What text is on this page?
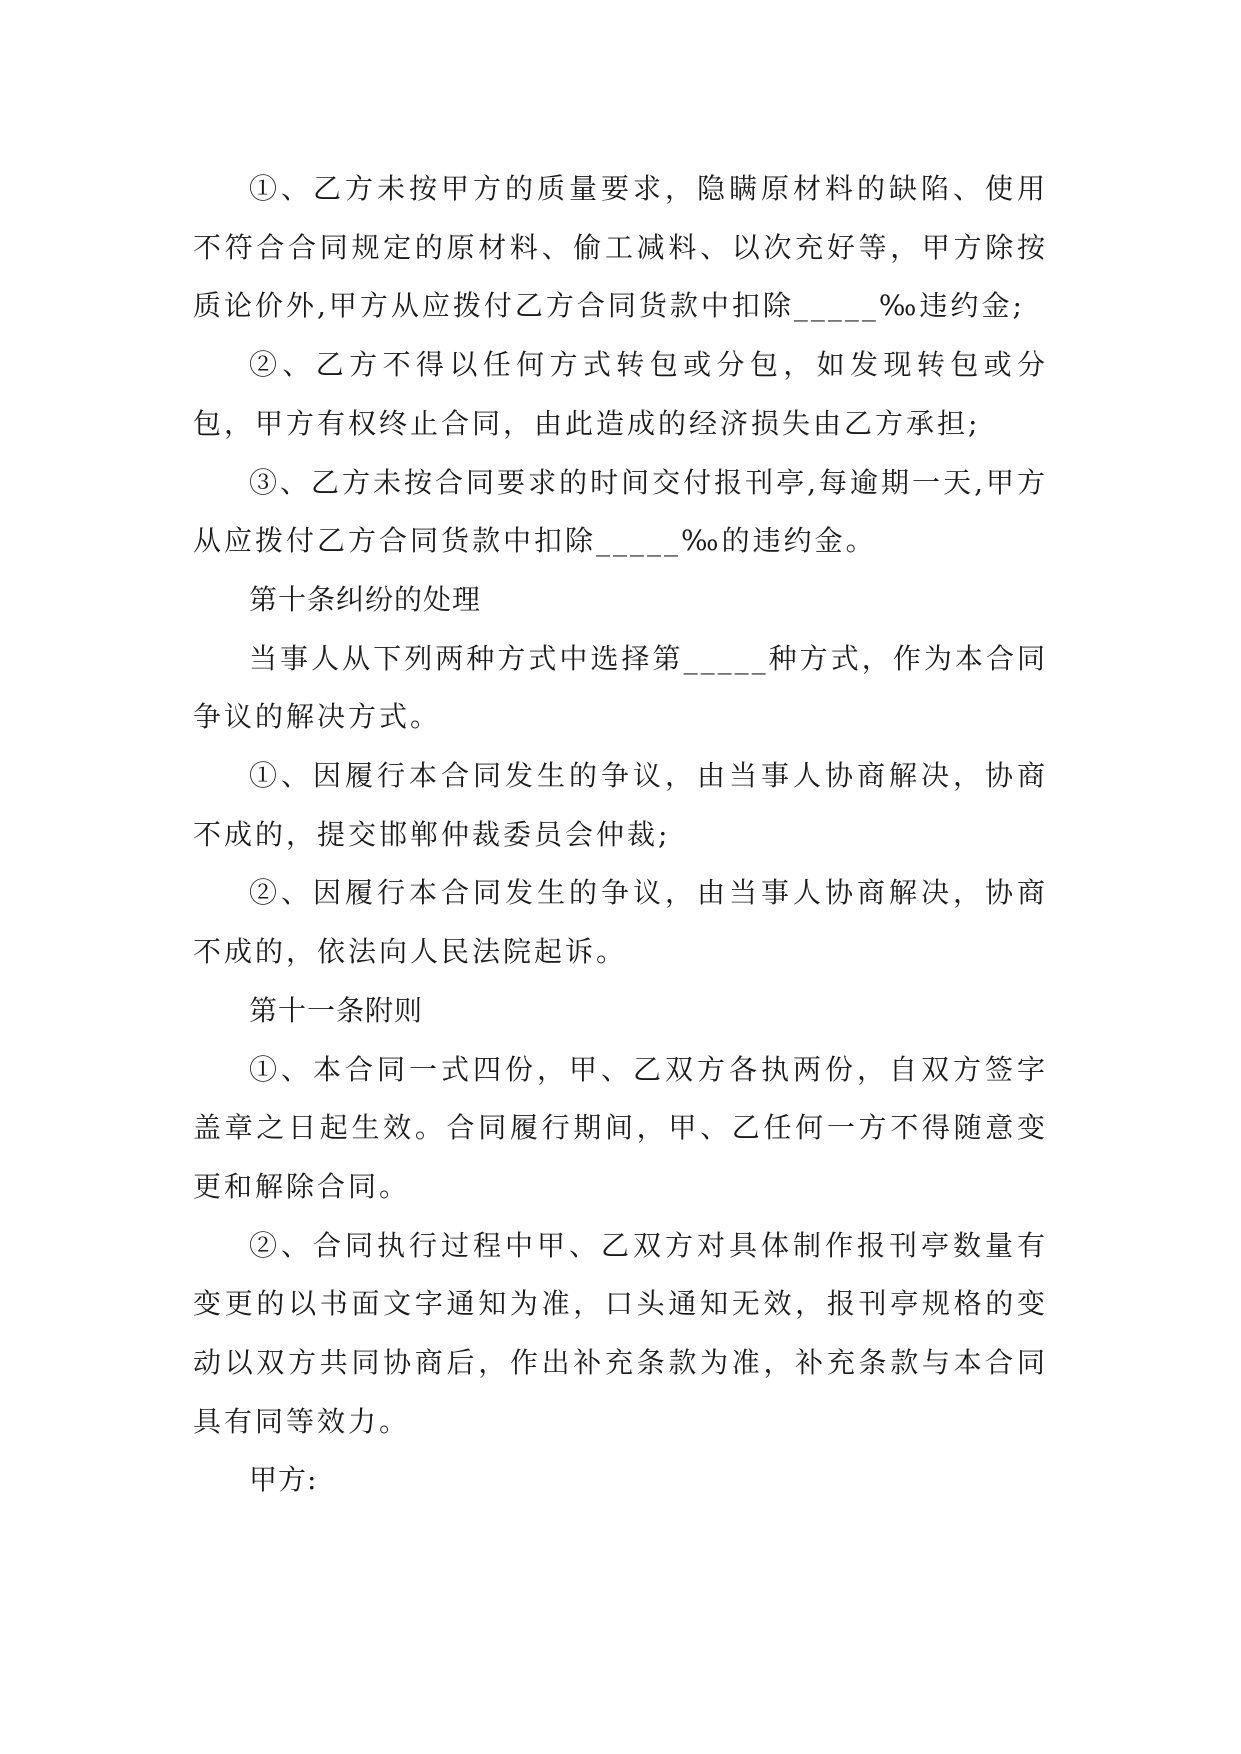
①、乙方未按甲方的质量要求，隐瞒原材料的缺陷、使用不符合合同规定的原材料、偷工减料、以次充好等，甲方除按质论价外,甲方从应拨付乙方合同货款中扣除_____‰违约金;

②、乙方不得以任何方式转包或分包，如发现转包或分包，甲方有权终止合同，由此造成的经济损失由乙方承担;

③、乙方未按合同要求的时间交付报刊亭,每逾期一天,甲方从应拨付乙方合同货款中扣除_____‰的违约金。

第十条纠纷的处理

当事人从下列两种方式中选择第_____种方式，作为本合同争议的解决方式。

①、因履行本合同发生的争议，由当事人协商解决，协商不成的，提交邯郸仲裁委员会仲裁;

②、因履行本合同发生的争议，由当事人协商解决，协商不成的，依法向人民法院起诉。

第十一条附则

①、本合同一式四份，甲、乙双方各执两份，自双方签字盖章之日起生效。合同履行期间，甲、乙任何一方不得随意变更和解除合同。

②、合同执行过程中甲、乙双方对具体制作报刊亭数量有变更的以书面文字通知为准，口头通知无效，报刊亭规格的变动以双方共同协商后，作出补充条款为准，补充条款与本合同具有同等效力。

甲方:
